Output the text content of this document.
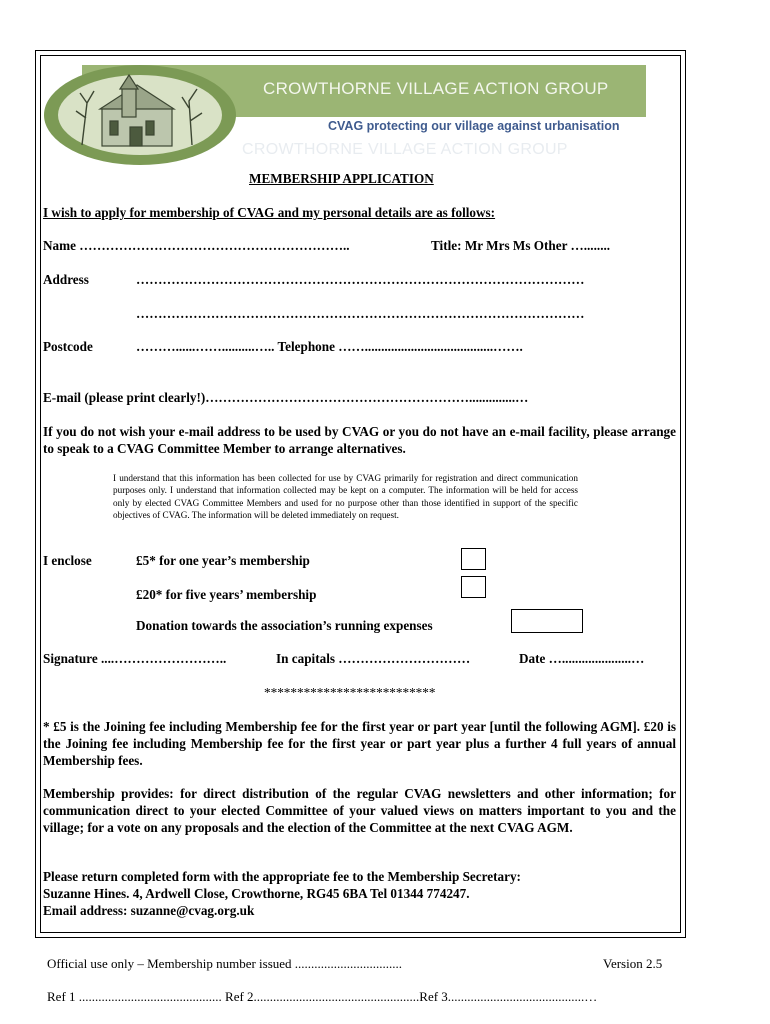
CROWTHORNE VILLAGE ACTION GROUP
CVAG protecting our village against urbanisation
CROWTHORNE VILLAGE ACTION GROUP
MEMBERSHIP APPLICATION
I wish to apply for membership of CVAG and my personal details are as follows:
Name ……………………………………………………..	Title: Mr Mrs Ms Other …........
Address	…………………………………………………………………………………………
…………………………………………………………………………………………
Postcode	………......……..........….. Telephone …….......................................…….
E-mail (please print clearly!)……………………………………………………..............…
If you do not wish your e-mail address to be used by CVAG or you do not have an e-mail facility, please arrange to speak to a CVAG Committee Member to arrange alternatives.
I understand that this information has been collected for use by CVAG primarily for registration and direct communication purposes only. I understand that information collected may be kept on a computer. The information will be held for access only by elected CVAG Committee Members and used for no purpose other than those identified in support of the specific objectives of CVAG. The information will be deleted immediately on request.
I enclose	£5* for one year’s membership
£20* for five years’ membership
Donation towards the association’s running expenses
Signature ....……………………..	In capitals …………………………	Date ….....................…
**************************
* £5 is the Joining fee including Membership fee for the first year or part year [until the following AGM]. £20 is the Joining fee including Membership fee for the first year or part year plus a further 4 full years of annual Membership fees.
Membership provides: for direct distribution of the regular CVAG newsletters and other information; for communication direct to your elected Committee of your valued views on matters important to you and the village; for a vote on any proposals and the election of the Committee at the next CVAG AGM.
Please return completed form with the appropriate fee to the Membership Secretary:
Suzanne Hines. 4, Ardwell Close, Crowthorne, RG45 6BA Tel 01344 774247.
Email address: suzanne@cvag.org.uk
Official use only – Membership number issued .................................	Version 2.5
Ref 1 ............................................ Ref 2...................................................Ref 3..........................................…
